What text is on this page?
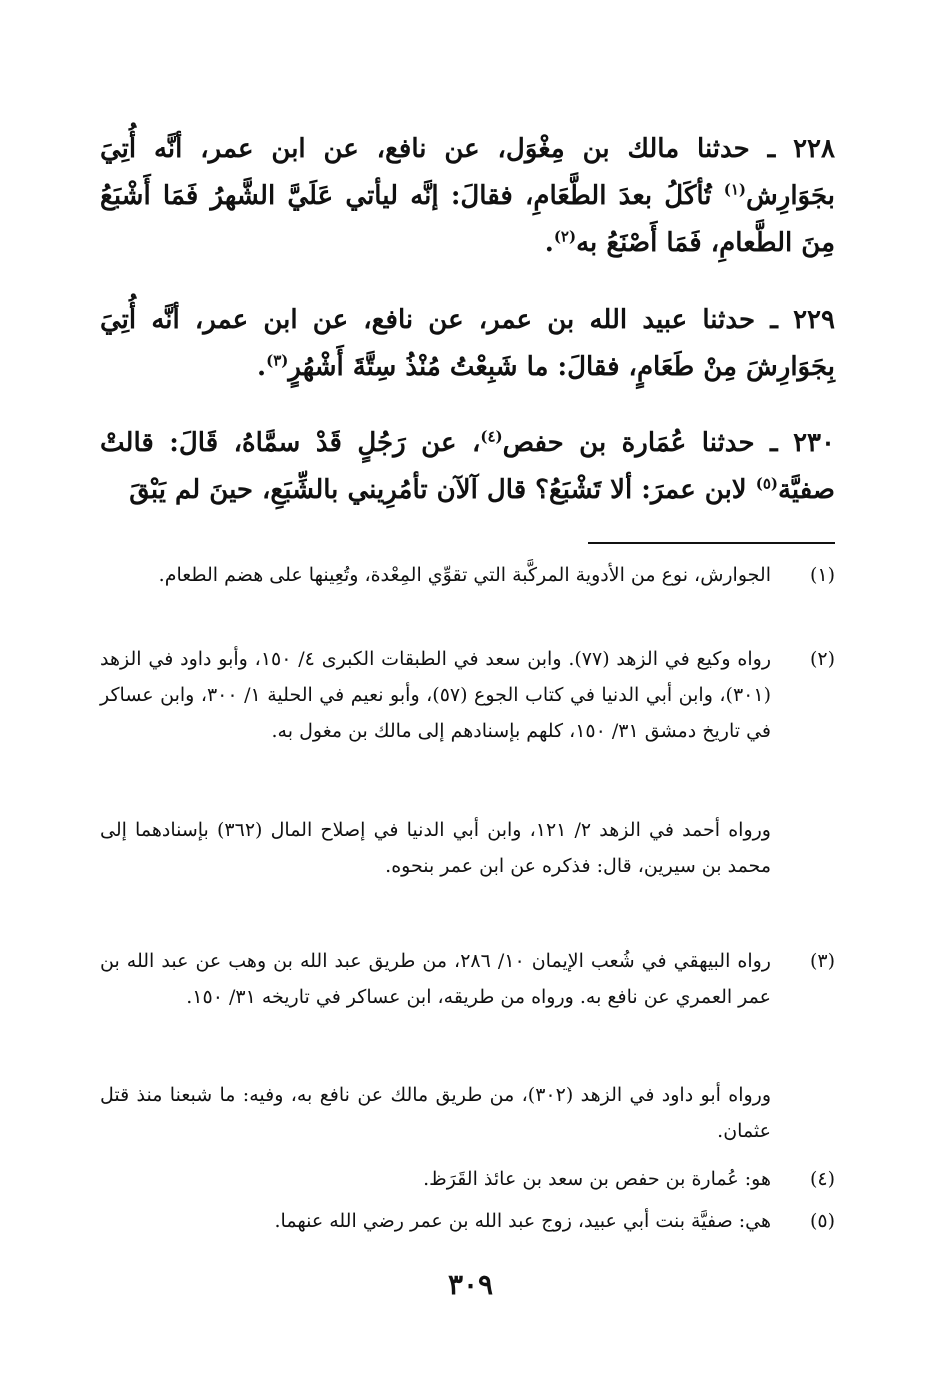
٢٢٨ ـ حدثنا مالك بن مِغْوَل، عن نافع، عن ابن عمر، أنَّه أُتِيَ بجَوَارِش$^{(١)}$ تُأكَلُ بعدَ الطَّعَامِ، فقالَ: إنَّه ليأتي عَلَيَّ الشَّهرُ فَمَا أَشْبَعُ مِنَ الطَّعامِ، فَمَا أَصْنَعُ به$^{(٢)}$.

٢٢٩ ـ حدثنا عبيد الله بن عمر، عن نافع، عن ابن عمر، أنَّه أُتِيَ بِجَوَارِشَ مِنْ طَعَامٍ، فقالَ: ما شَبِعْتُ مُنْذُ سِتَّةَ أَشْهُرٍ$^{(٣)}$.

٢٣٠ ـ حدثنا عُمَارة بن حفص$^{(٤)}$، عن رَجُلٍ قَدْ سمَّاهُ، قَالَ: قالتْ صفيَّة$^{(٥)}$ لابن عمرَ: ألا تَشْبَعُ؟ قال آلآن تأمُرِيني بالشِّبَعِ، حينَ لم يَبْقَ

(١)
الجوارش، نوع من الأدوية المركَّبة التي تقوِّي المِعْدة، وتُعِينها على هضم الطعام.
(٢)
رواه وكيع في الزهد (٧٧). وابن سعد في الطبقات الكبرى ٤/ ١٥٠، وأبو داود في الزهد (٣٠١)، وابن أبي الدنيا في كتاب الجوع (٥٧)، وأبو نعيم في الحلية ١/ ٣٠٠، وابن عساكر في تاريخ دمشق ٣١/ ١٥٠، كلهم بإسنادهم إلى مالك بن مغول به.
ورواه أحمد في الزهد ٢/ ١٢١، وابن أبي الدنيا في إصلاح المال (٣٦٢) بإسنادهما إلى محمد بن سيرين، قال: فذكره عن ابن عمر بنحوه.
(٣)
رواه البيهقي في شُعب الإيمان ١٠/ ٢٨٦، من طريق عبد الله بن وهب عن عبد الله بن عمر العمري عن نافع به. ورواه من طريقه، ابن عساكر في تاريخه ٣١/ ١٥٠.
ورواه أبو داود في الزهد (٣٠٢)، من طريق مالك عن نافع به، وفيه: ما شبعنا منذ قتل عثمان.
(٤)
هو: عُمارة بن حفص بن سعد بن عائذ القَرَظ.
(٥)
هي: صفيَّة بنت أبي عبيد، زوج عبد الله بن عمر رضي الله عنهما.
٣٠٩
